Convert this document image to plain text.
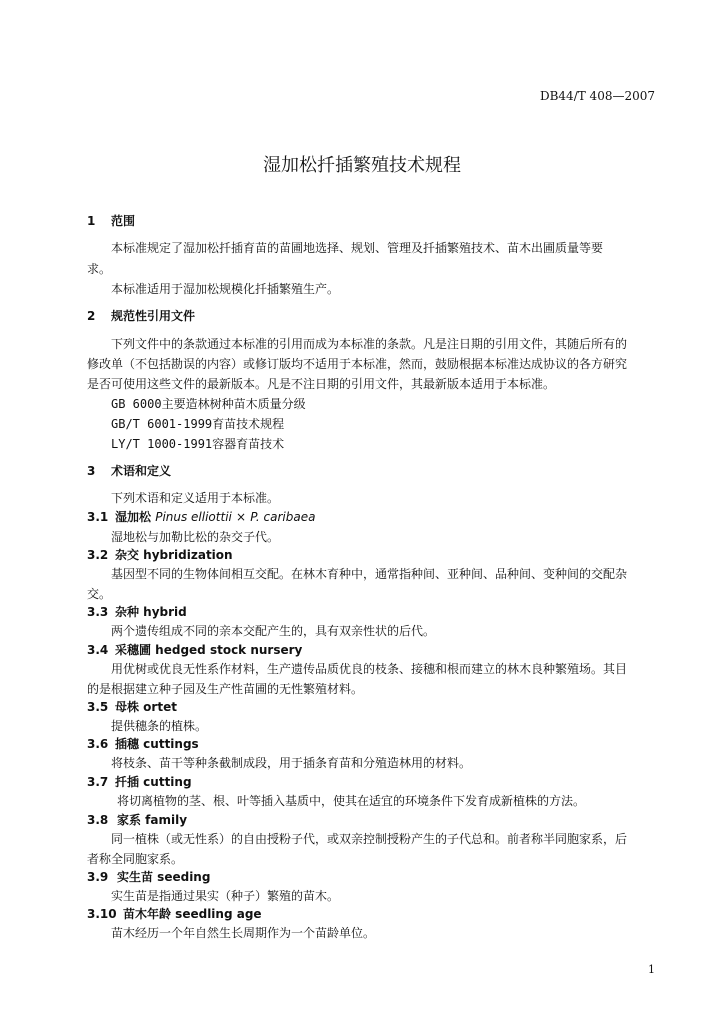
DB44/T 408—2007
湿加松扦插繁殖技术规程
1 范围
本标准规定了湿加松扦插育苗的苗圃地选择、规划、管理及扦插繁殖技术、苗木出圃质量等要
求。
本标准适用于湿加松规模化扦插繁殖生产。
2 规范性引用文件
下列文件中的条款通过本标准的引用而成为本标准的条款。凡是注日期的引用文件，其随后所有的
修改单（不包括勘误的内容）或修订版均不适用于本标准，然而，鼓励根据本标准达成协议的各方研究
是否可使用这些文件的最新版本。凡是不注日期的引用文件，其最新版本适用于本标准。
GB 6000主要造林树种苗木质量分级
GB/T 6001-1999育苗技术规程
LY/T 1000-1991容器育苗技术
3 术语和定义
下列术语和定义适用于本标准。
3.1 湿加松 Pinus elliottii × P. caribaea
湿地松与加勒比松的杂交子代。
3.2 杂交 hybridization
基因型不同的生物体间相互交配。在林木育种中，通常指种间、亚种间、品种间、变种间的交配杂
交。
3.3 杂种 hybrid
两个遗传组成不同的亲本交配产生的，具有双亲性状的后代。
3.4 采穗圃 hedged stock nursery
用优树或优良无性系作材料，生产遗传品质优良的枝条、接穗和根而建立的林木良种繁殖场。其目
的是根据建立种子园及生产性苗圃的无性繁殖材料。
3.5 母株 ortet
提供穗条的植株。
3.6 插穗 cuttings
将枝条、苗干等种条截制成段，用于插条育苗和分殖造林用的材料。
3.7 扦插 cutting
将切离植物的茎、根、叶等插入基质中，使其在适宜的环境条件下发育成新植株的方法。
3.8 家系 family
同一植株（或无性系）的自由授粉子代，或双亲控制授粉产生的子代总和。前者称半同胞家系，后
者称全同胞家系。
3.9 实生苗 seeding
实生苗是指通过果实（种子）繁殖的苗木。
3.10 苗木年龄 seedling age
苗木经历一个年自然生长周期作为一个苗龄单位。
1
